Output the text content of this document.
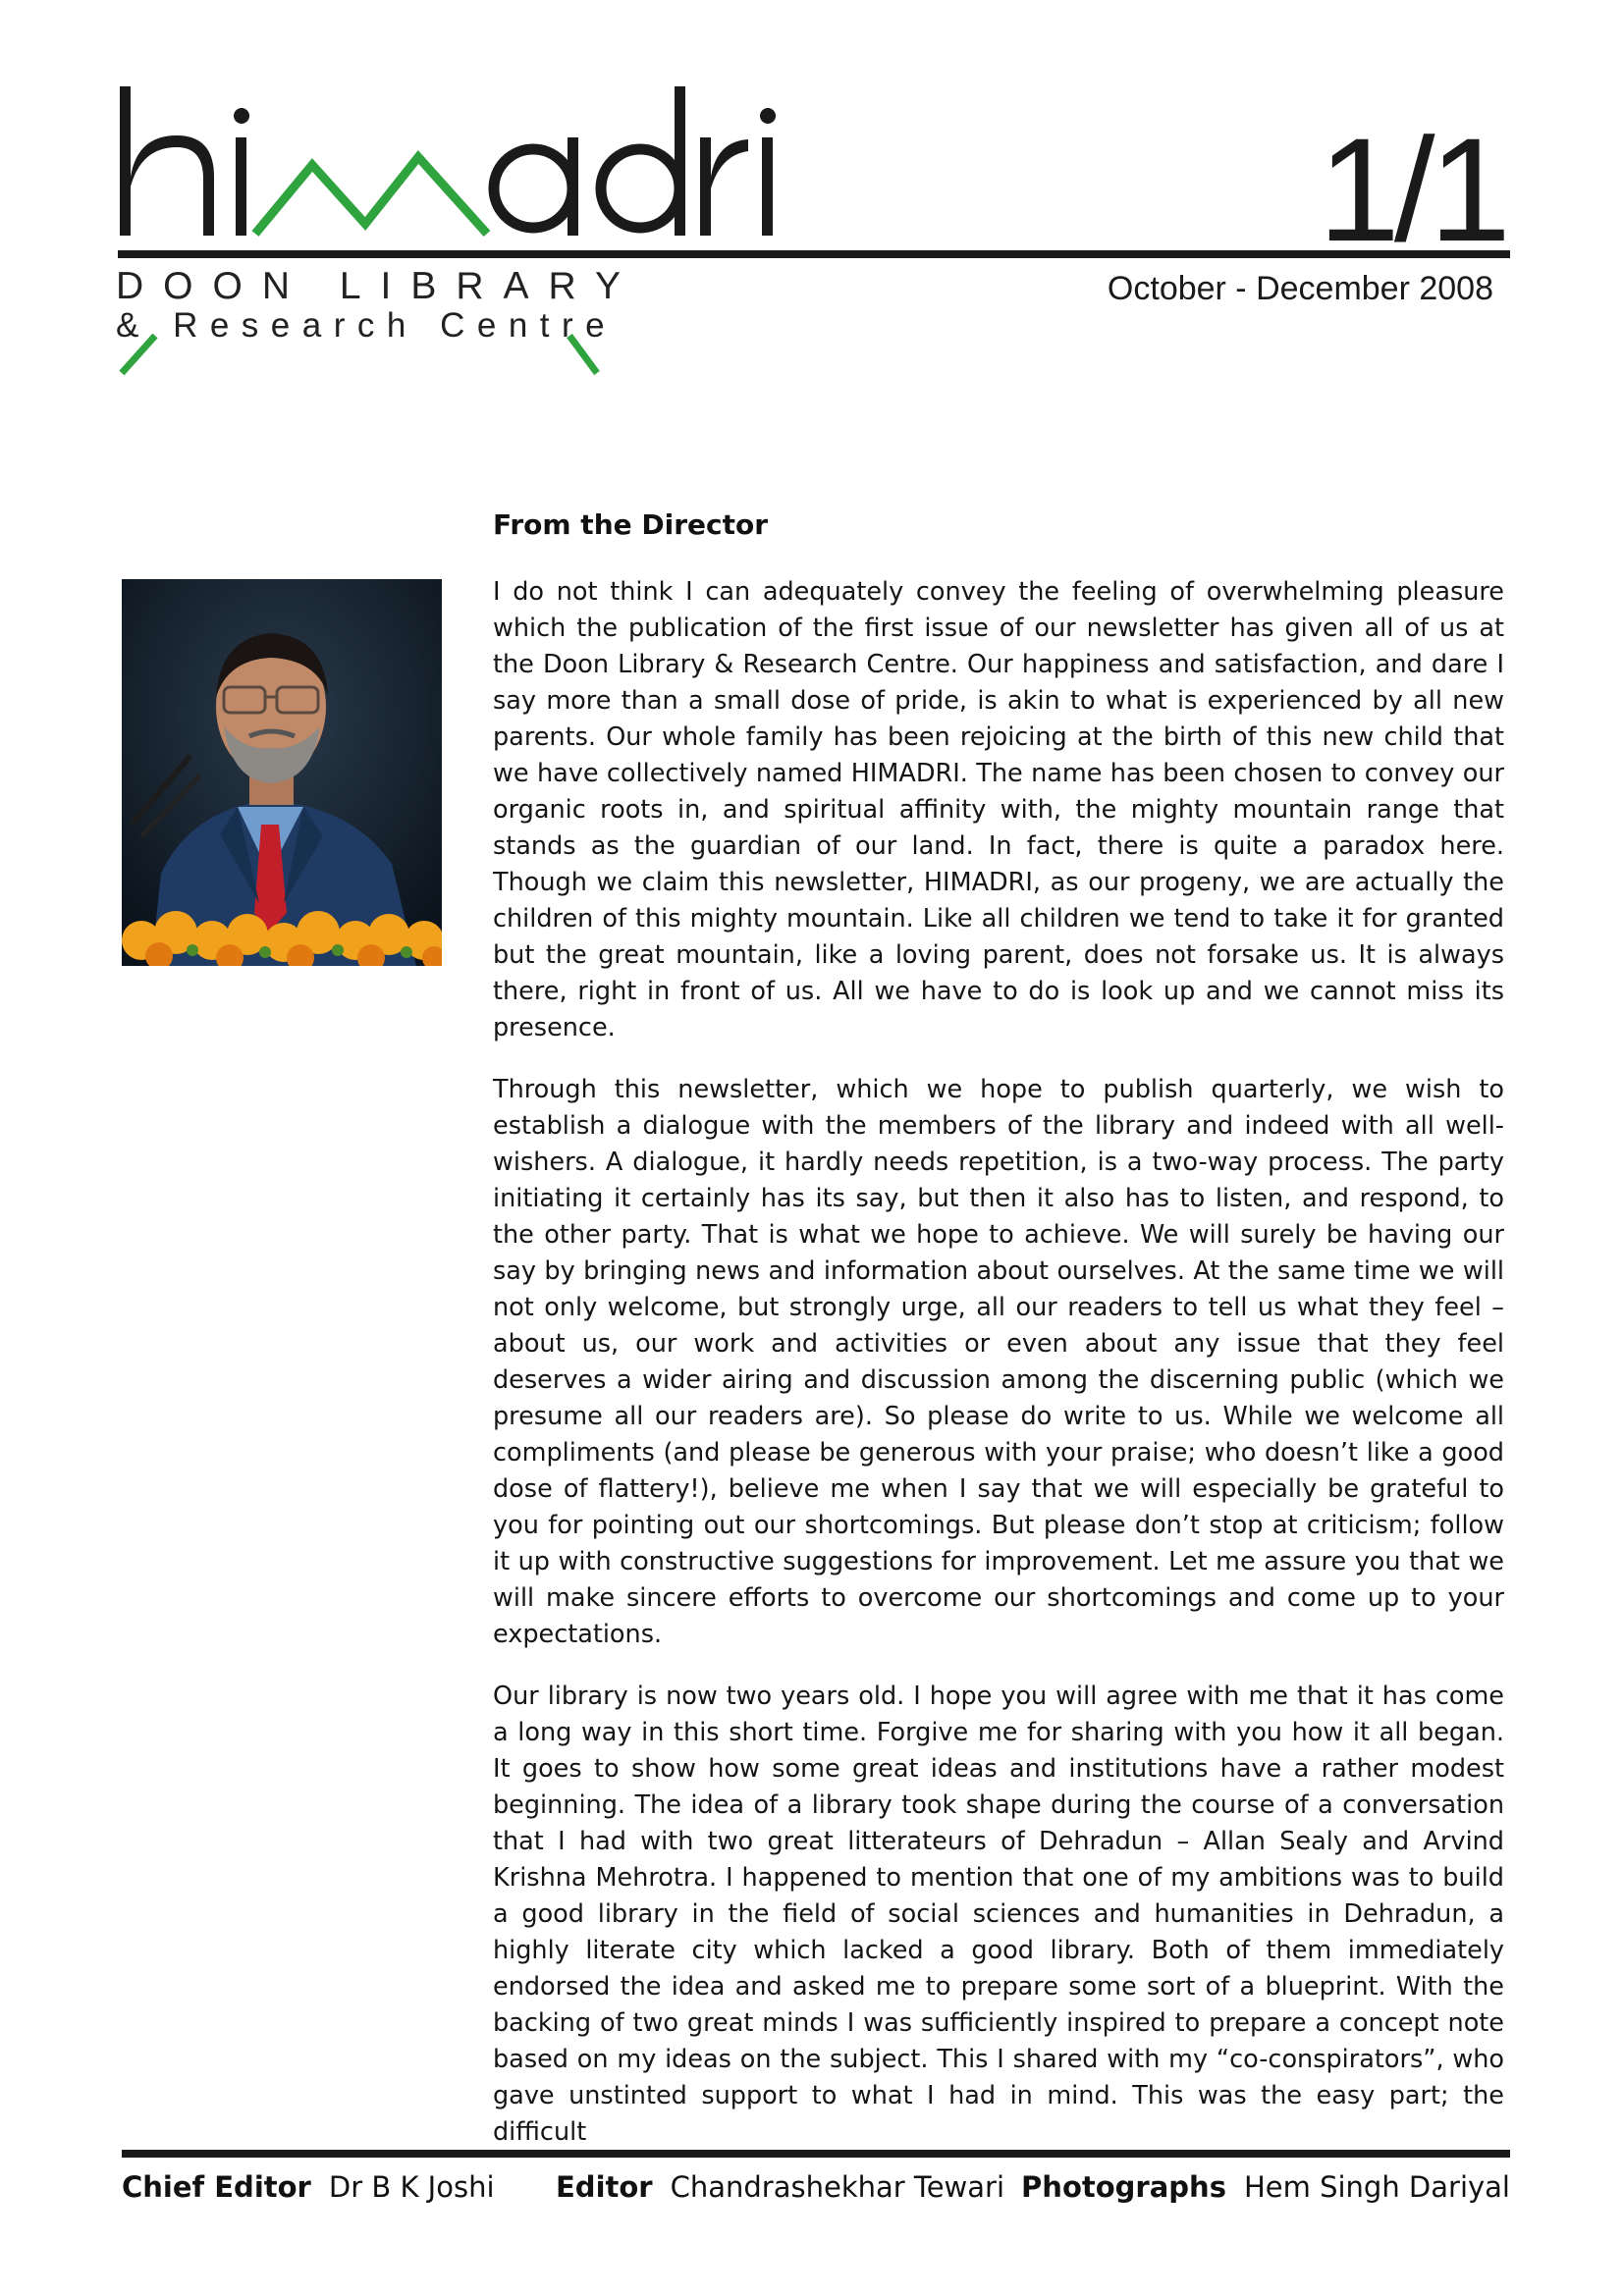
1/1
October - December 2008
DOON LIBRARY
& Research Centre
From the Director

I do not think I can adequately convey the feeling of overwhelming pleasure which the publication of the first issue of our newsletter has given all of us at the Doon Library & Research Centre. Our happiness and satisfaction, and dare I say more than a small dose of pride, is akin to what is experienced by all new parents. Our whole family has been rejoicing at the birth of this new child that we have collectively named HIMADRI. The name has been chosen to convey our organic roots in, and spiritual affinity with, the mighty mountain range that stands as the guardian of our land. In fact, there is quite a paradox here. Though we claim this newsletter, HIMADRI, as our progeny, we are actually the children of this mighty mountain. Like all children we tend to take it for granted but the great mountain, like a loving parent, does not forsake us. It is always there, right in front of us. All we have to do is look up and we cannot miss its presence.

Through this newsletter, which we hope to publish quarterly, we wish to establish a dialogue with the members of the library and indeed with all well-wishers. A dialogue, it hardly needs repetition, is a two-way process. The party initiating it certainly has its say, but then it also has to listen, and respond, to the other party. That is what we hope to achieve. We will surely be having our say by bringing news and information about ourselves. At the same time we will not only welcome, but strongly urge, all our readers to tell us what they feel – about us, our work and activities or even about any issue that they feel deserves a wider airing and discussion among the discerning public (which we presume all our readers are). So please do write to us. While we welcome all compliments (and please be generous with your praise; who doesn’t like a good dose of flattery!), believe me when I say that we will especially be grateful to you for pointing out our shortcomings. But please don’t stop at criticism; follow it up with constructive suggestions for improvement. Let me assure you that we will make sincere efforts to overcome our shortcomings and come up to your expectations.

Our library is now two years old. I hope you will agree with me that it has come a long way in this short time. Forgive me for sharing with you how it all began. It goes to show how some great ideas and institutions have a rather modest beginning. The idea of a library took shape during the course of a conversation that I had with two great litterateurs of Dehradun – Allan Sealy and Arvind Krishna Mehrotra. I happened to mention that one of my ambitions was to build a good library in the field of social sciences and humanities in Dehradun, a highly literate city which lacked a good library. Both of them immediately endorsed the idea and asked me to prepare some sort of a blueprint. With the backing of two great minds I was sufficiently inspired to prepare a concept note based on my ideas on the subject. This I shared with my “co-conspirators”, who gave unstinted support to what I had in mind. This was the easy part; the difficult

Chief Editor Dr B K Joshi Editor Chandrashekhar Tewari Photographs Hem Singh Dariyal
